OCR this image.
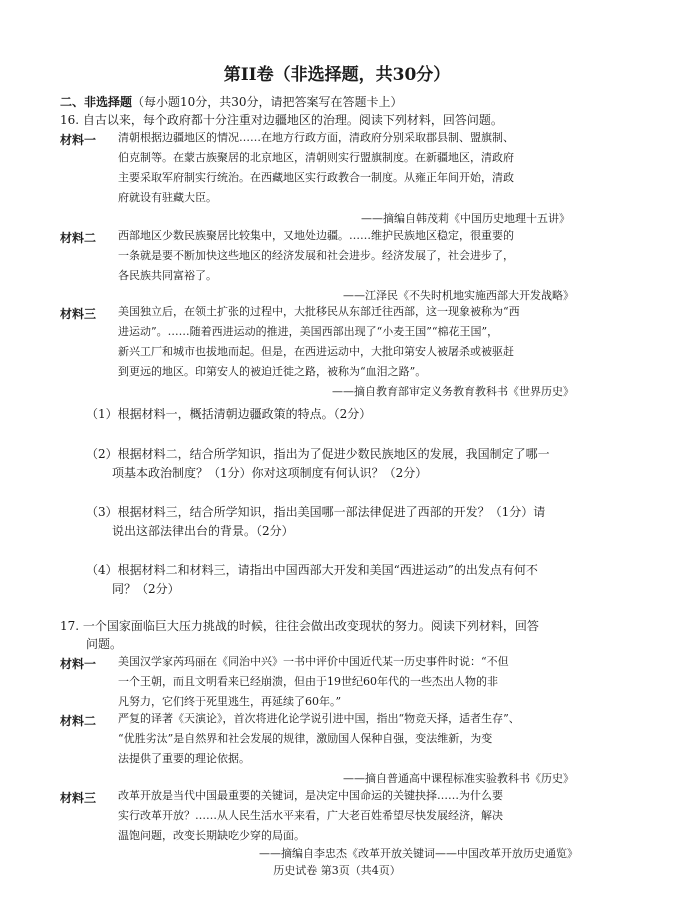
第II卷（非选择题，共30分）
二、非选择题（每小题10分，共30分，请把答案写在答题卡上）
16. 自古以来，每个政府都十分注重对边疆地区的治理。阅读下列材料，回答问题。
材料一 清朝根据边疆地区的情况……在地方行政方面，清政府分别采取郡县制、盟旗制、
伯克制等。在蒙古族聚居的北京地区，清朝则实行盟旗制度。在新疆地区，清政府
主要采取军府制实行统治。在西藏地区实行政教合一制度。从雍正年间开始，清政
府就设有驻藏大臣。
——摘编自韩茂莉《中国历史地理十五讲》
材料二 西部地区少数民族聚居比较集中，又地处边疆。……维护民族地区稳定，很重要的
一条就是要不断加快这些地区的经济发展和社会进步。经济发展了，社会进步了，
各民族共同富裕了。
——江泽民《不失时机地实施西部大开发战略》
材料三 美国独立后，在领土扩张的过程中，大批移民从东部迁往西部，这一现象被称为“西
进运动”。……随着西进运动的推进，美国西部出现了“小麦王国”“棉花王国”，
新兴工厂和城市也拔地而起。但是，在西进运动中，大批印第安人被屠杀或被驱赶
到更远的地区。印第安人的被迫迁徙之路，被称为“血泪之路”。
——摘自教育部审定义务教育教科书《世界历史》
（1）根据材料一，概括清朝边疆政策的特点。（2分）
（2）根据材料二，结合所学知识，指出为了促进少数民族地区的发展，我国制定了哪一
项基本政治制度？（1分）你对这项制度有何认识？（2分）
（3）根据材料三，结合所学知识，指出美国哪一部法律促进了西部的开发？（1分）请
说出这部法律出台的背景。（2分）
（4）根据材料二和材料三，请指出中国西部大开发和美国“西进运动”的出发点有何不
同？（2分）
17. 一个国家面临巨大压力挑战的时候，往往会做出改变现状的努力。阅读下列材料，回答
问题。
材料一 美国汉学家芮玛丽在《同治中兴》一书中评价中国近代某一历史事件时说：“不但
一个王朝，而且文明看来已经崩溃，但由于19世纪60年代的一些杰出人物的非
凡努力，它们终于死里逃生，再延续了60年。”
材料二 严复的译著《天演论》，首次将进化论学说引进中国，指出“物竞天择，适者生存”、
“优胜劣汰”是自然界和社会发展的规律，激励国人保种自强，变法维新，为变
法提供了重要的理论依据。
——摘自普通高中课程标准实验教科书《历史》
材料三 改革开放是当代中国最重要的关键词，是决定中国命运的关键抉择……为什么要
实行改革开放？……从人民生活水平来看，广大老百姓希望尽快发展经济，解决
温饱问题，改变长期缺吃少穿的局面。
——摘编自李忠杰《改革开放关键词——中国改革开放历史通览》
历史试卷 第3页（共4页）
